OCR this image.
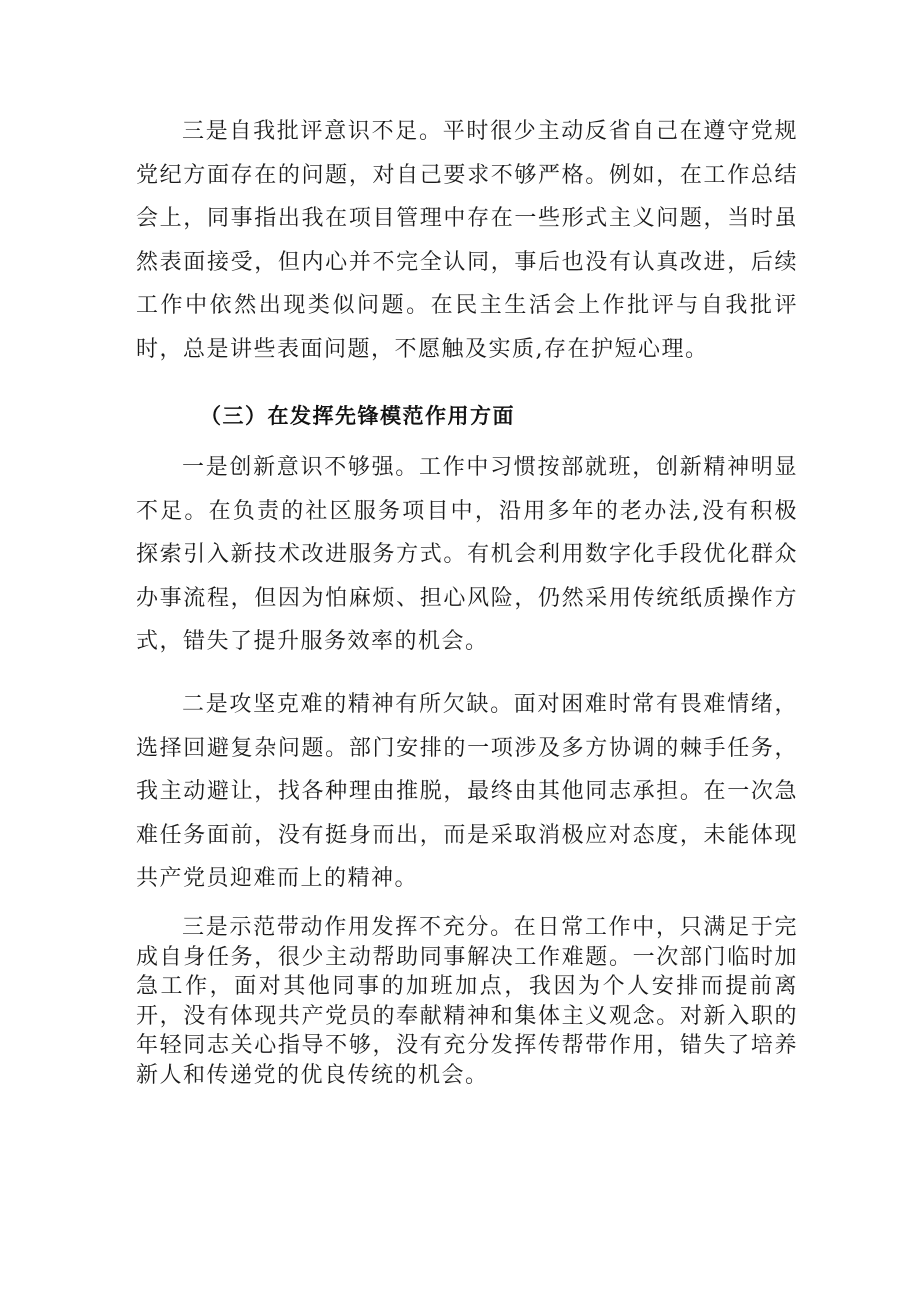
三是自我批评意识不足。平时很少主动反省自己在遵守党规党纪方面存在的问题，对自己要求不够严格。例如，在工作总结会上，同事指出我在项目管理中存在一些形式主义问题，当时虽然表面接受，但内心并不完全认同，事后也没有认真改进，后续工作中依然出现类似问题。在民主生活会上作批评与自我批评时，总是讲些表面问题，不愿触及实质,存在护短心理。

（三）在发挥先锋模范作用方面

一是创新意识不够强。工作中习惯按部就班，创新精神明显不足。在负责的社区服务项目中，沿用多年的老办法,没有积极探索引入新技术改进服务方式。有机会利用数字化手段优化群众办事流程，但因为怕麻烦、担心风险，仍然采用传统纸质操作方式，错失了提升服务效率的机会。

二是攻坚克难的精神有所欠缺。面对困难时常有畏难情绪，选择回避复杂问题。部门安排的一项涉及多方协调的棘手任务，我主动避让，找各种理由推脱，最终由其他同志承担。在一次急难任务面前，没有挺身而出，而是采取消极应对态度，未能体现共产党员迎难而上的精神。

三是示范带动作用发挥不充分。在日常工作中，只满足于完成自身任务，很少主动帮助同事解决工作难题。一次部门临时加急工作，面对其他同事的加班加点，我因为个人安排而提前离开，没有体现共产党员的奉献精神和集体主义观念。对新入职的年轻同志关心指导不够，没有充分发挥传帮带作用，错失了培养新人和传递党的优良传统的机会。
